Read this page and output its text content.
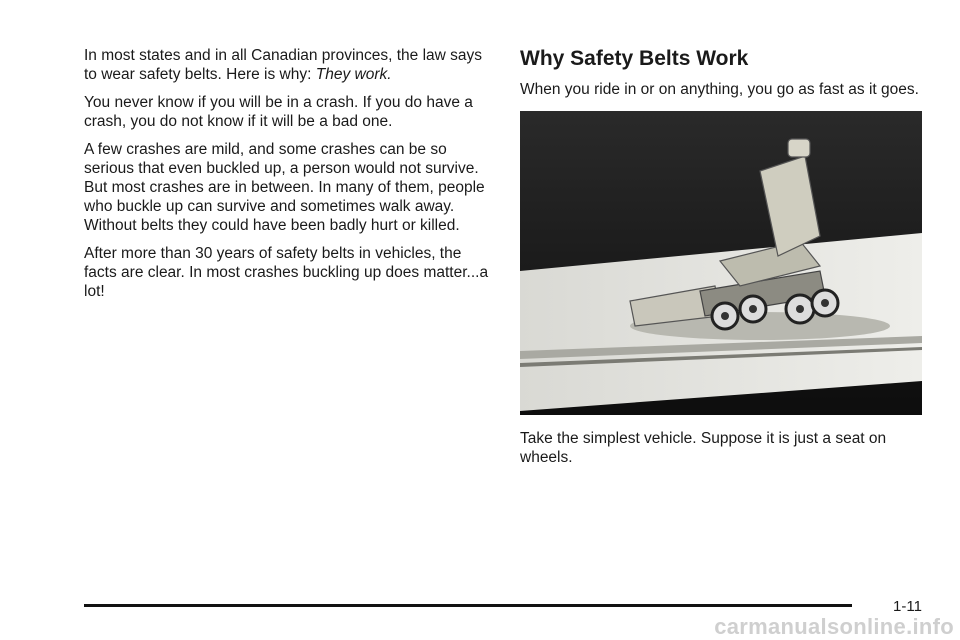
In most states and in all Canadian provinces, the law says to wear safety belts. Here is why: They work.

You never know if you will be in a crash. If you do have a crash, you do not know if it will be a bad one.

A few crashes are mild, and some crashes can be so serious that even buckled up, a person would not survive. But most crashes are in between. In many of them, people who buckle up can survive and sometimes walk away. Without belts they could have been badly hurt or killed.

After more than 30 years of safety belts in vehicles, the facts are clear. In most crashes buckling up does matter...a lot!

Why Safety Belts Work

When you ride in or on anything, you go as fast as it goes.

Take the simplest vehicle. Suppose it is just a seat on wheels.

1-11
carmanualsonline.info
